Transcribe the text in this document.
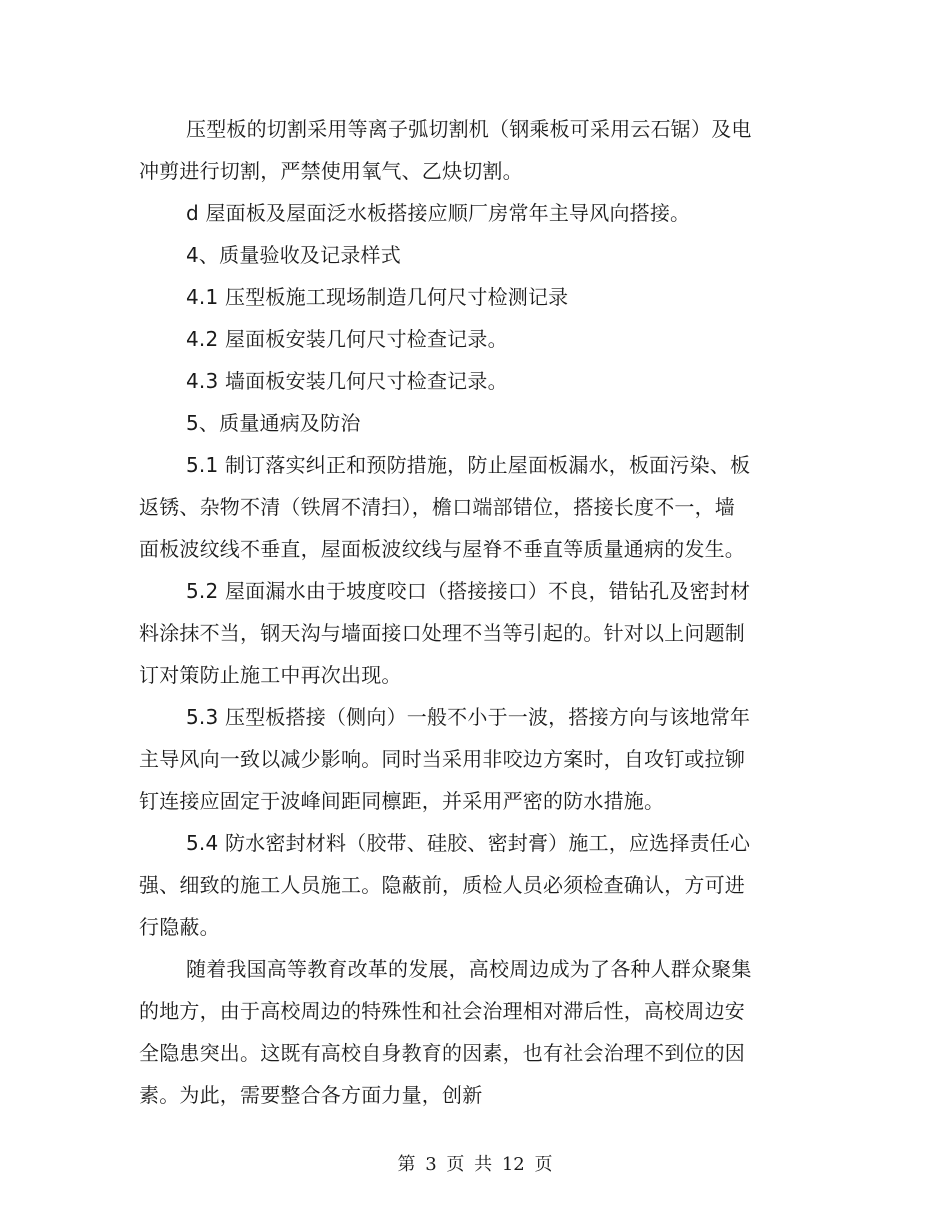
压型板的切割采用等离子弧切割机（钢乘板可采用云石锯）及电
冲剪进行切割，严禁使用氧气、乙炔切割。

d 屋面板及屋面泛水板搭接应顺厂房常年主导风向搭接。

4、质量验收及记录样式

4.1 压型板施工现场制造几何尺寸检测记录

4.2 屋面板安装几何尺寸检查记录。

4.3 墙面板安装几何尺寸检查记录。

5、质量通病及防治

5.1 制订落实纠正和预防措施，防止屋面板漏水，板面污染、板
返锈、杂物不清（铁屑不清扫），檐口端部错位，搭接长度不一，墙
面板波纹线不垂直，屋面板波纹线与屋脊不垂直等质量通病的发生。

5.2 屋面漏水由于坡度咬口（搭接接口）不良，错钻孔及密封材
料涂抹不当，钢天沟与墙面接口处理不当等引起的。针对以上问题制
订对策防止施工中再次出现。

5.3 压型板搭接（侧向）一般不小于一波，搭接方向与该地常年
主导风向一致以减少影响。同时当采用非咬边方案时，自攻钉或拉铆
钉连接应固定于波峰间距同檩距，并采用严密的防水措施。

5.4 防水密封材料（胶带、硅胶、密封膏）施工，应选择责任心
强、细致的施工人员施工。隐蔽前，质检人员必须检查确认，方可进
行隐蔽。

随着我国高等教育改革的发展，高校周边成为了各种人群众聚集
的地方，由于高校周边的特殊性和社会治理相对滞后性，高校周边安
全隐患突出。这既有高校自身教育的因素，也有社会治理不到位的因
素。为此，需要整合各方面力量，创新

第 3 页 共 12 页
